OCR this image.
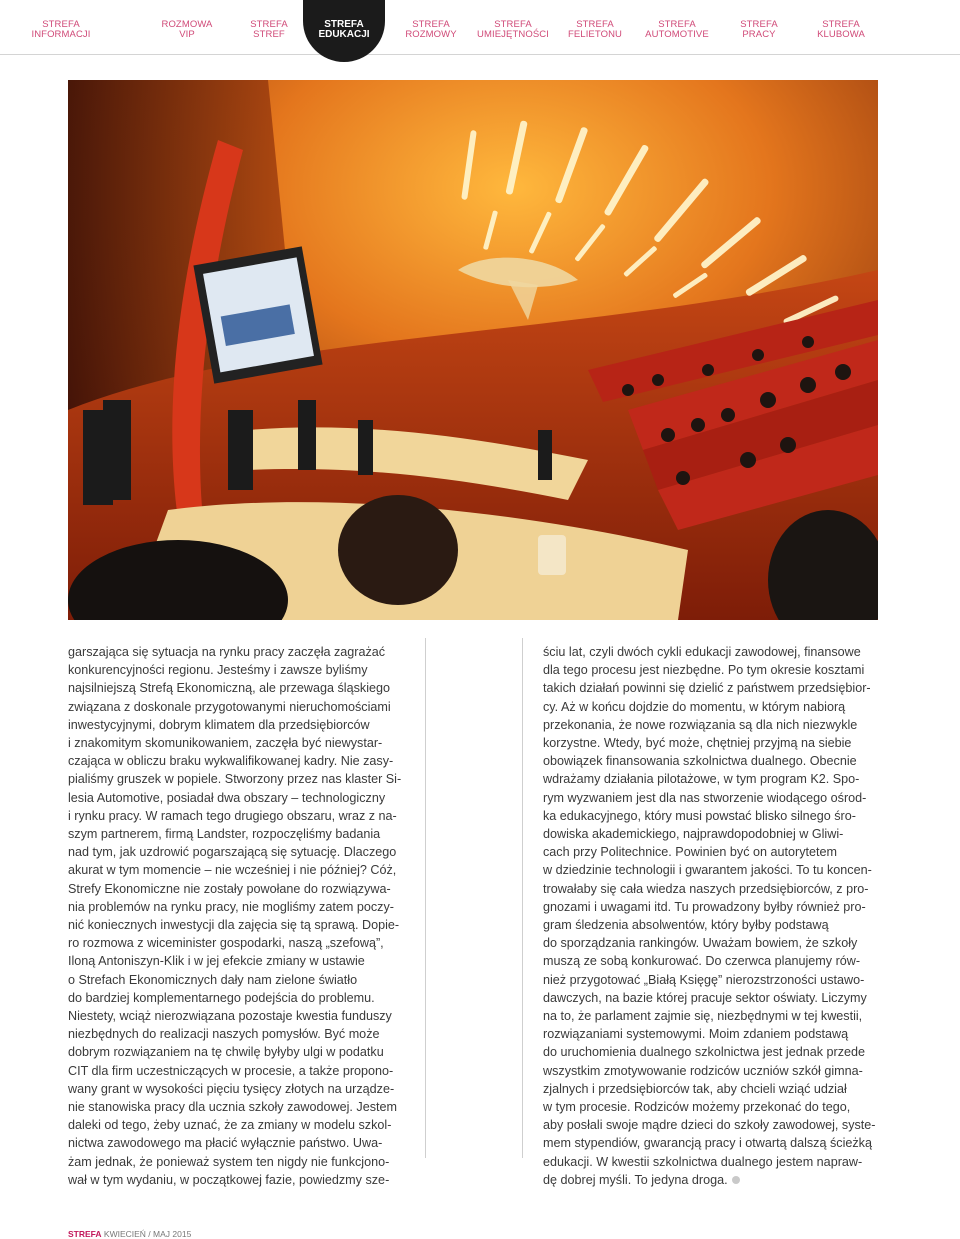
STREFA
INFORMACJI
ROZMOWA
VIP
STREFA
STREF
STREFA
EDUKACJI
STREFA
ROZMOWY
STREFA
UMIEJĘTNOŚCI
STREFA
FELIETONU
STREFA
AUTOMOTIVE
STREFA
PRACY
STREFA
KLUBOWA

garszająca się sytuacja na rynku pracy zaczęła zagrażać

konkurencyjności regionu. Jesteśmy i zawsze byliśmy

najsilniejszą Strefą Ekonomiczną, ale przewaga śląskiego

związana z doskonale przygotowanymi nieruchomościami

inwestycyjnymi, dobrym klimatem dla przedsiębiorców

i znakomitym skomunikowaniem, zaczęła być niewystar-

czająca w obliczu braku wykwalifikowanej kadry. Nie zasy-

pialiśmy gruszek w popiele. Stworzony przez nas klaster Si-

lesia Automotive, posiadał dwa obszary – technologiczny

i rynku pracy. W ramach tego drugiego obszaru, wraz z na-

szym partnerem, firmą Landster, rozpoczęliśmy badania

nad tym, jak uzdrowić pogarszającą się sytuację. Dlaczego

akurat w tym momencie – nie wcześniej i nie później? Cóż,

Strefy Ekonomiczne nie zostały powołane do rozwiązywa-

nia problemów na rynku pracy, nie mogliśmy zatem poczy-

nić koniecznych inwestycji dla zajęcia się tą sprawą. Dopie-

ro rozmowa z wiceminister gospodarki, naszą „szefową”,

Iloną Antoniszyn-Klik i w jej efekcie zmiany w ustawie

o Strefach Ekonomicznych dały nam zielone światło

do bardziej komplementarnego podejścia do problemu.

Niestety, wciąż nierozwiązana pozostaje kwestia funduszy

niezbędnych do realizacji naszych pomysłów. Być może

dobrym rozwiązaniem na tę chwilę byłyby ulgi w podatku

CIT dla firm uczestniczących w procesie, a także propono-

wany grant w wysokości pięciu tysięcy złotych na urządze-

nie stanowiska pracy dla ucznia szkoły zawodowej. Jestem

daleki od tego, żeby uznać, że za zmiany w modelu szkol-

nictwa zawodowego ma płacić wyłącznie państwo. Uwa-

żam jednak, że ponieważ system ten nigdy nie funkcjono-

wał w tym wydaniu, w początkowej fazie, powiedzmy sze-

ściu lat, czyli dwóch cykli edukacji zawodowej, finansowe

dla tego procesu jest niezbędne. Po tym okresie kosztami

takich działań powinni się dzielić z państwem przedsiębior-

cy. Aż w końcu dojdzie do momentu, w którym nabiorą

przekonania, że nowe rozwiązania są dla nich niezwykle

korzystne. Wtedy, być może, chętniej przyjmą na siebie

obowiązek finansowania szkolnictwa dualnego. Obecnie

wdrażamy działania pilotażowe, w tym program K2. Spo-

rym wyzwaniem jest dla nas stworzenie wiodącego ośrod-

ka edukacyjnego, który musi powstać blisko silnego śro-

dowiska akademickiego, najprawdopodobniej w Gliwi-

cach przy Politechnice. Powinien być on autorytetem

w dziedzinie technologii i gwarantem jakości. To tu koncen-

trowałaby się cała wiedza naszych przedsiębiorców, z pro-

gnozami i uwagami itd. Tu prowadzony byłby również pro-

gram śledzenia absolwentów, który byłby podstawą

do sporządzania rankingów. Uważam bowiem, że szkoły

muszą ze sobą konkurować. Do czerwca planujemy rów-

nież przygotować „Białą Księgę” nierozstrzoności ustawo-

dawczych, na bazie której pracuje sektor oświaty. Liczymy

na to, że parlament zajmie się, niezbędnymi w tej kwestii,

rozwiązaniami systemowymi. Moim zdaniem podstawą

do uruchomienia dualnego szkolnictwa jest jednak przede

wszystkim zmotywowanie rodziców uczniów szkół gimna-

zjalnych i przedsiębiorców tak, aby chcieli wziąć udział

w tym procesie. Rodziców możemy przekonać do tego,

aby posłali swoje mądre dzieci do szkoły zawodowej, syste-

mem stypendiów, gwarancją pracy i otwartą dalszą ścieżką

edukacji. W kwestii szkolnictwa dualnego jestem napraw-

dę dobrej myśli. To jedyna droga.

STREFA KWIECIEŃ / MAJ 2015
